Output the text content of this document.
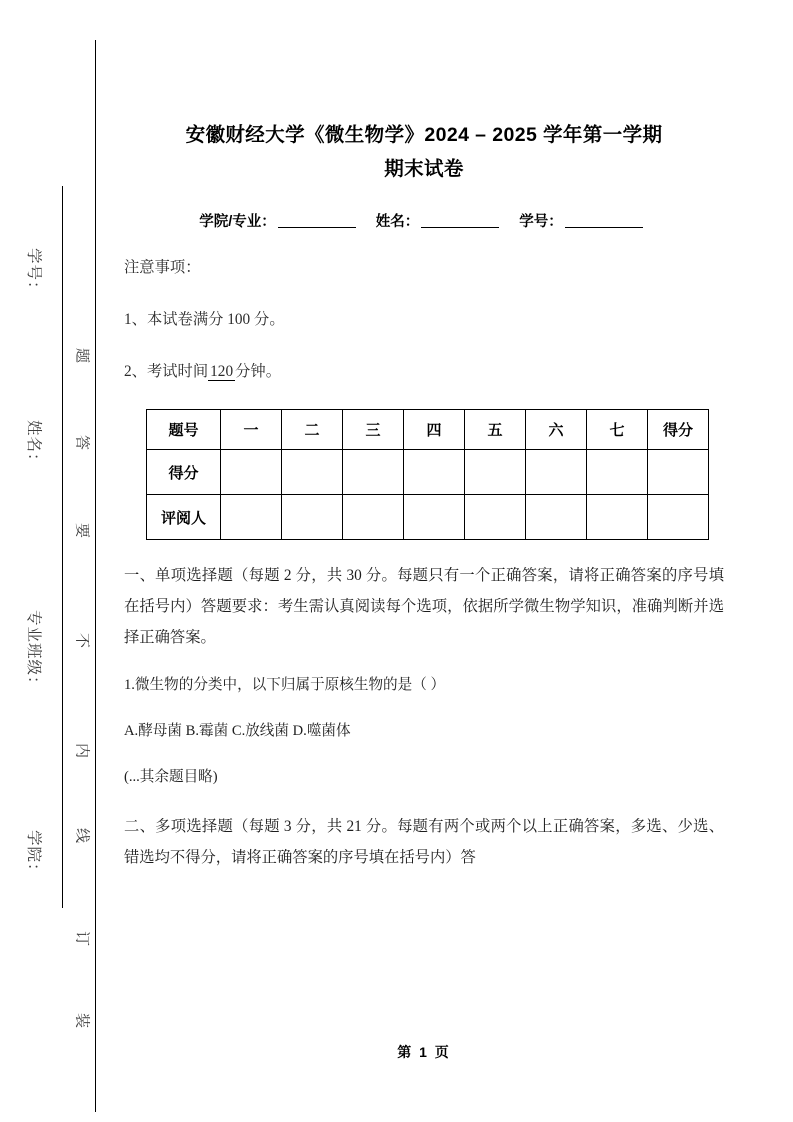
学号：
姓名：
专业班级：
学院：
题
答
要
不
内
线
订
装
安徽财经大学《微生物学》2024 – 2025 学年第一学期
期末试卷
学院/专业：	姓名：	学号：
注意事项：
1、本试卷满分 100 分。
2、考试时间 120 分钟。
题号	一	二	三	四	五	六	七	得分
得分								
评阅人								
一、单项选择题（每题 2 分，共 30 分。每题只有一个正确答案，请将正确答案的序号填在括号内）答题要求：考生需认真阅读每个选项，依据所学微生物学知识，准确判断并选择正确答案。
1.微生物的分类中，以下归属于原核生物的是（ ）
A.酵母菌 B.霉菌 C.放线菌 D.噬菌体
(...其余题目略)
二、多项选择题（每题 3 分，共 21 分。每题有两个或两个以上正确答案，多选、少选、错选均不得分，请将正确答案的序号填在括号内）答
第 1 页
